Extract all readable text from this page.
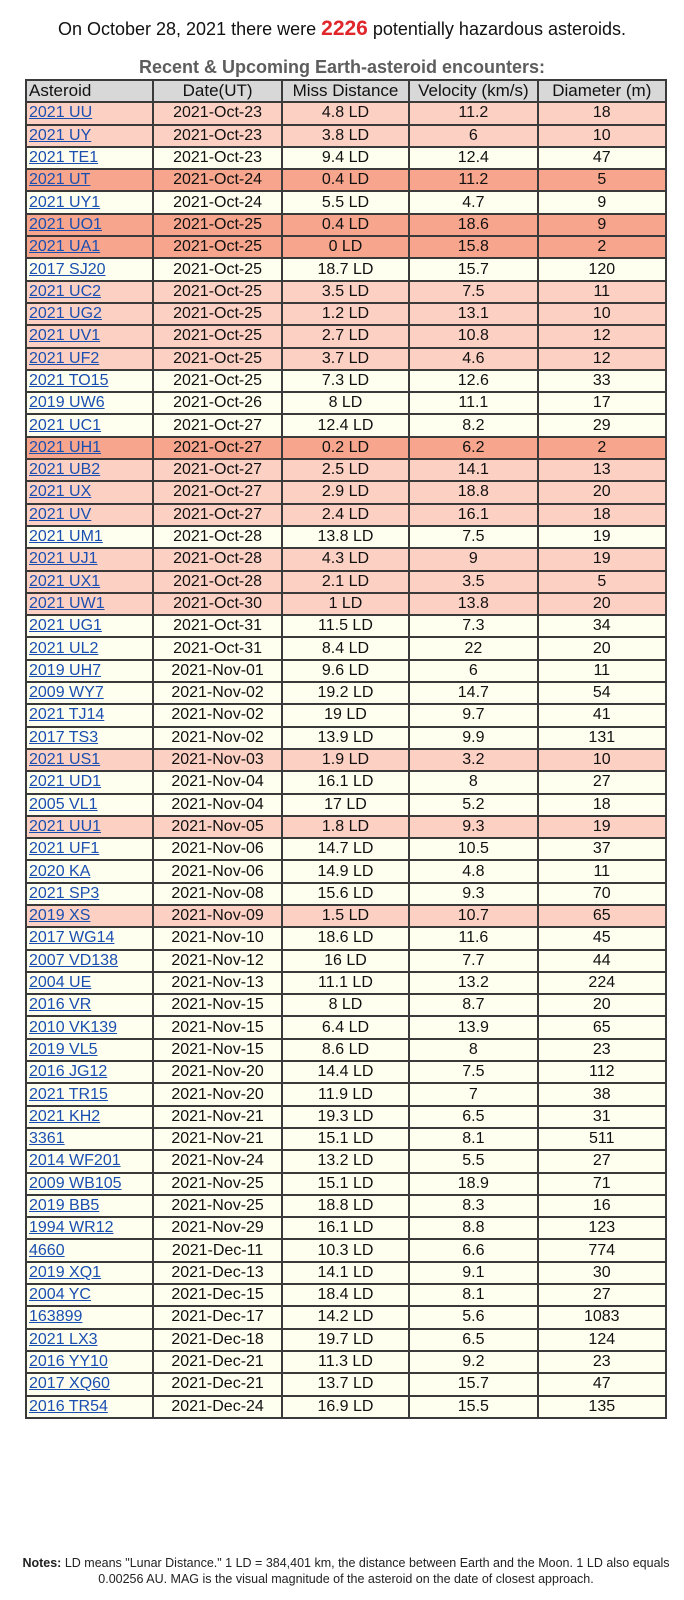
On October 28, 2021 there were 2226 potentially hazardous asteroids.
Recent & Upcoming Earth-asteroid encounters:
Asteroid	Date(UT)	Miss Distance	Velocity (km/s)	Diameter (m)
2021 UU	2021-Oct-23	4.8 LD	11.2	18
2021 UY	2021-Oct-23	3.8 LD	6	10
2021 TE1	2021-Oct-23	9.4 LD	12.4	47
2021 UT	2021-Oct-24	0.4 LD	11.2	5
2021 UY1	2021-Oct-24	5.5 LD	4.7	9
2021 UO1	2021-Oct-25	0.4 LD	18.6	9
2021 UA1	2021-Oct-25	0 LD	15.8	2
2017 SJ20	2021-Oct-25	18.7 LD	15.7	120
2021 UC2	2021-Oct-25	3.5 LD	7.5	11
2021 UG2	2021-Oct-25	1.2 LD	13.1	10
2021 UV1	2021-Oct-25	2.7 LD	10.8	12
2021 UF2	2021-Oct-25	3.7 LD	4.6	12
2021 TO15	2021-Oct-25	7.3 LD	12.6	33
2019 UW6	2021-Oct-26	8 LD	11.1	17
2021 UC1	2021-Oct-27	12.4 LD	8.2	29
2021 UH1	2021-Oct-27	0.2 LD	6.2	2
2021 UB2	2021-Oct-27	2.5 LD	14.1	13
2021 UX	2021-Oct-27	2.9 LD	18.8	20
2021 UV	2021-Oct-27	2.4 LD	16.1	18
2021 UM1	2021-Oct-28	13.8 LD	7.5	19
2021 UJ1	2021-Oct-28	4.3 LD	9	19
2021 UX1	2021-Oct-28	2.1 LD	3.5	5
2021 UW1	2021-Oct-30	1 LD	13.8	20
2021 UG1	2021-Oct-31	11.5 LD	7.3	34
2021 UL2	2021-Oct-31	8.4 LD	22	20
2019 UH7	2021-Nov-01	9.6 LD	6	11
2009 WY7	2021-Nov-02	19.2 LD	14.7	54
2021 TJ14	2021-Nov-02	19 LD	9.7	41
2017 TS3	2021-Nov-02	13.9 LD	9.9	131
2021 US1	2021-Nov-03	1.9 LD	3.2	10
2021 UD1	2021-Nov-04	16.1 LD	8	27
2005 VL1	2021-Nov-04	17 LD	5.2	18
2021 UU1	2021-Nov-05	1.8 LD	9.3	19
2021 UF1	2021-Nov-06	14.7 LD	10.5	37
2020 KA	2021-Nov-06	14.9 LD	4.8	11
2021 SP3	2021-Nov-08	15.6 LD	9.3	70
2019 XS	2021-Nov-09	1.5 LD	10.7	65
2017 WG14	2021-Nov-10	18.6 LD	11.6	45
2007 VD138	2021-Nov-12	16 LD	7.7	44
2004 UE	2021-Nov-13	11.1 LD	13.2	224
2016 VR	2021-Nov-15	8 LD	8.7	20
2010 VK139	2021-Nov-15	6.4 LD	13.9	65
2019 VL5	2021-Nov-15	8.6 LD	8	23
2016 JG12	2021-Nov-20	14.4 LD	7.5	112
2021 TR15	2021-Nov-20	11.9 LD	7	38
2021 KH2	2021-Nov-21	19.3 LD	6.5	31
3361	2021-Nov-21	15.1 LD	8.1	511
2014 WF201	2021-Nov-24	13.2 LD	5.5	27
2009 WB105	2021-Nov-25	15.1 LD	18.9	71
2019 BB5	2021-Nov-25	18.8 LD	8.3	16
1994 WR12	2021-Nov-29	16.1 LD	8.8	123
4660	2021-Dec-11	10.3 LD	6.6	774
2019 XQ1	2021-Dec-13	14.1 LD	9.1	30
2004 YC	2021-Dec-15	18.4 LD	8.1	27
163899	2021-Dec-17	14.2 LD	5.6	1083
2021 LX3	2021-Dec-18	19.7 LD	6.5	124
2016 YY10	2021-Dec-21	11.3 LD	9.2	23
2017 XQ60	2021-Dec-21	13.7 LD	15.7	47
2016 TR54	2021-Dec-24	16.9 LD	15.5	135
Notes: LD means "Lunar Distance." 1 LD = 384,401 km, the distance between Earth and the Moon. 1 LD also equals 0.00256 AU. MAG is the visual magnitude of the asteroid on the date of closest approach.
